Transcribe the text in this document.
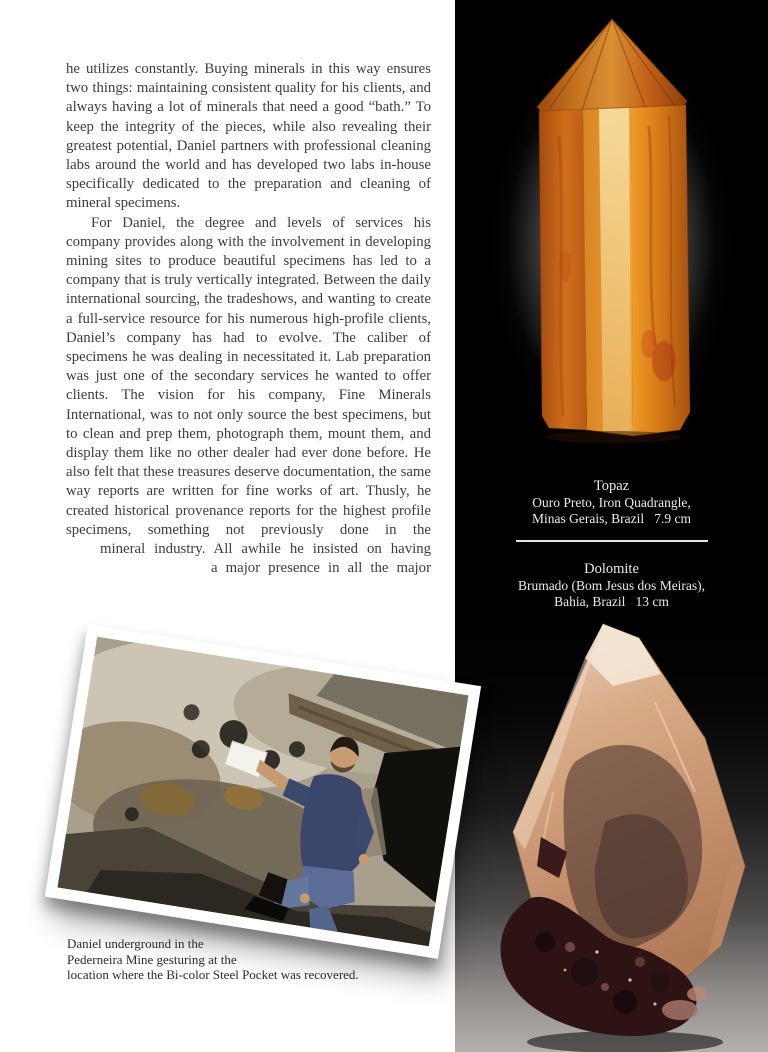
he utilizes constantly. Buying minerals in this way ensures two things: maintaining consistent quality for his clients, and always having a lot of minerals that need a good “bath.” To keep the integrity of the pieces, while also revealing their greatest potential, Daniel partners with professional cleaning labs around the world and has developed two labs in-house specifically dedicated to the preparation and cleaning of mineral specimens.

For Daniel, the degree and levels of services his company provides along with the involvement in developing mining sites to produce beautiful specimens has led to a company that is truly vertically integrated. Between the daily international sourcing, the tradeshows, and wanting to create a full-service resource for his numerous high-profile clients, Daniel’s company has had to evolve. The caliber of specimens he was dealing in necessitated it. Lab preparation was just one of the secondary services he wanted to offer clients. The vision for his company, Fine Minerals International, was to not only source the best specimens, but to clean and prep them, photograph them, mount them, and display them like no other dealer had ever done before. He also felt that these treasures deserve documentation, the same way reports are written for fine works of art. Thusly, he created historical provenance reports for the highest profile specimens, something not previously done in the

mineral industry. All awhile he insisted on having

a major presence in all the major

Topaz
Ouro Preto, Iron Quadrangle,
Minas Gerais, Brazil   7.9 cm
Dolomite
Brumado (Bom Jesus dos Meiras),
Bahia, Brazil   13 cm
Daniel underground in the
Pederneira Mine gesturing at the
location where the Bi-color Steel Pocket was recovered.
